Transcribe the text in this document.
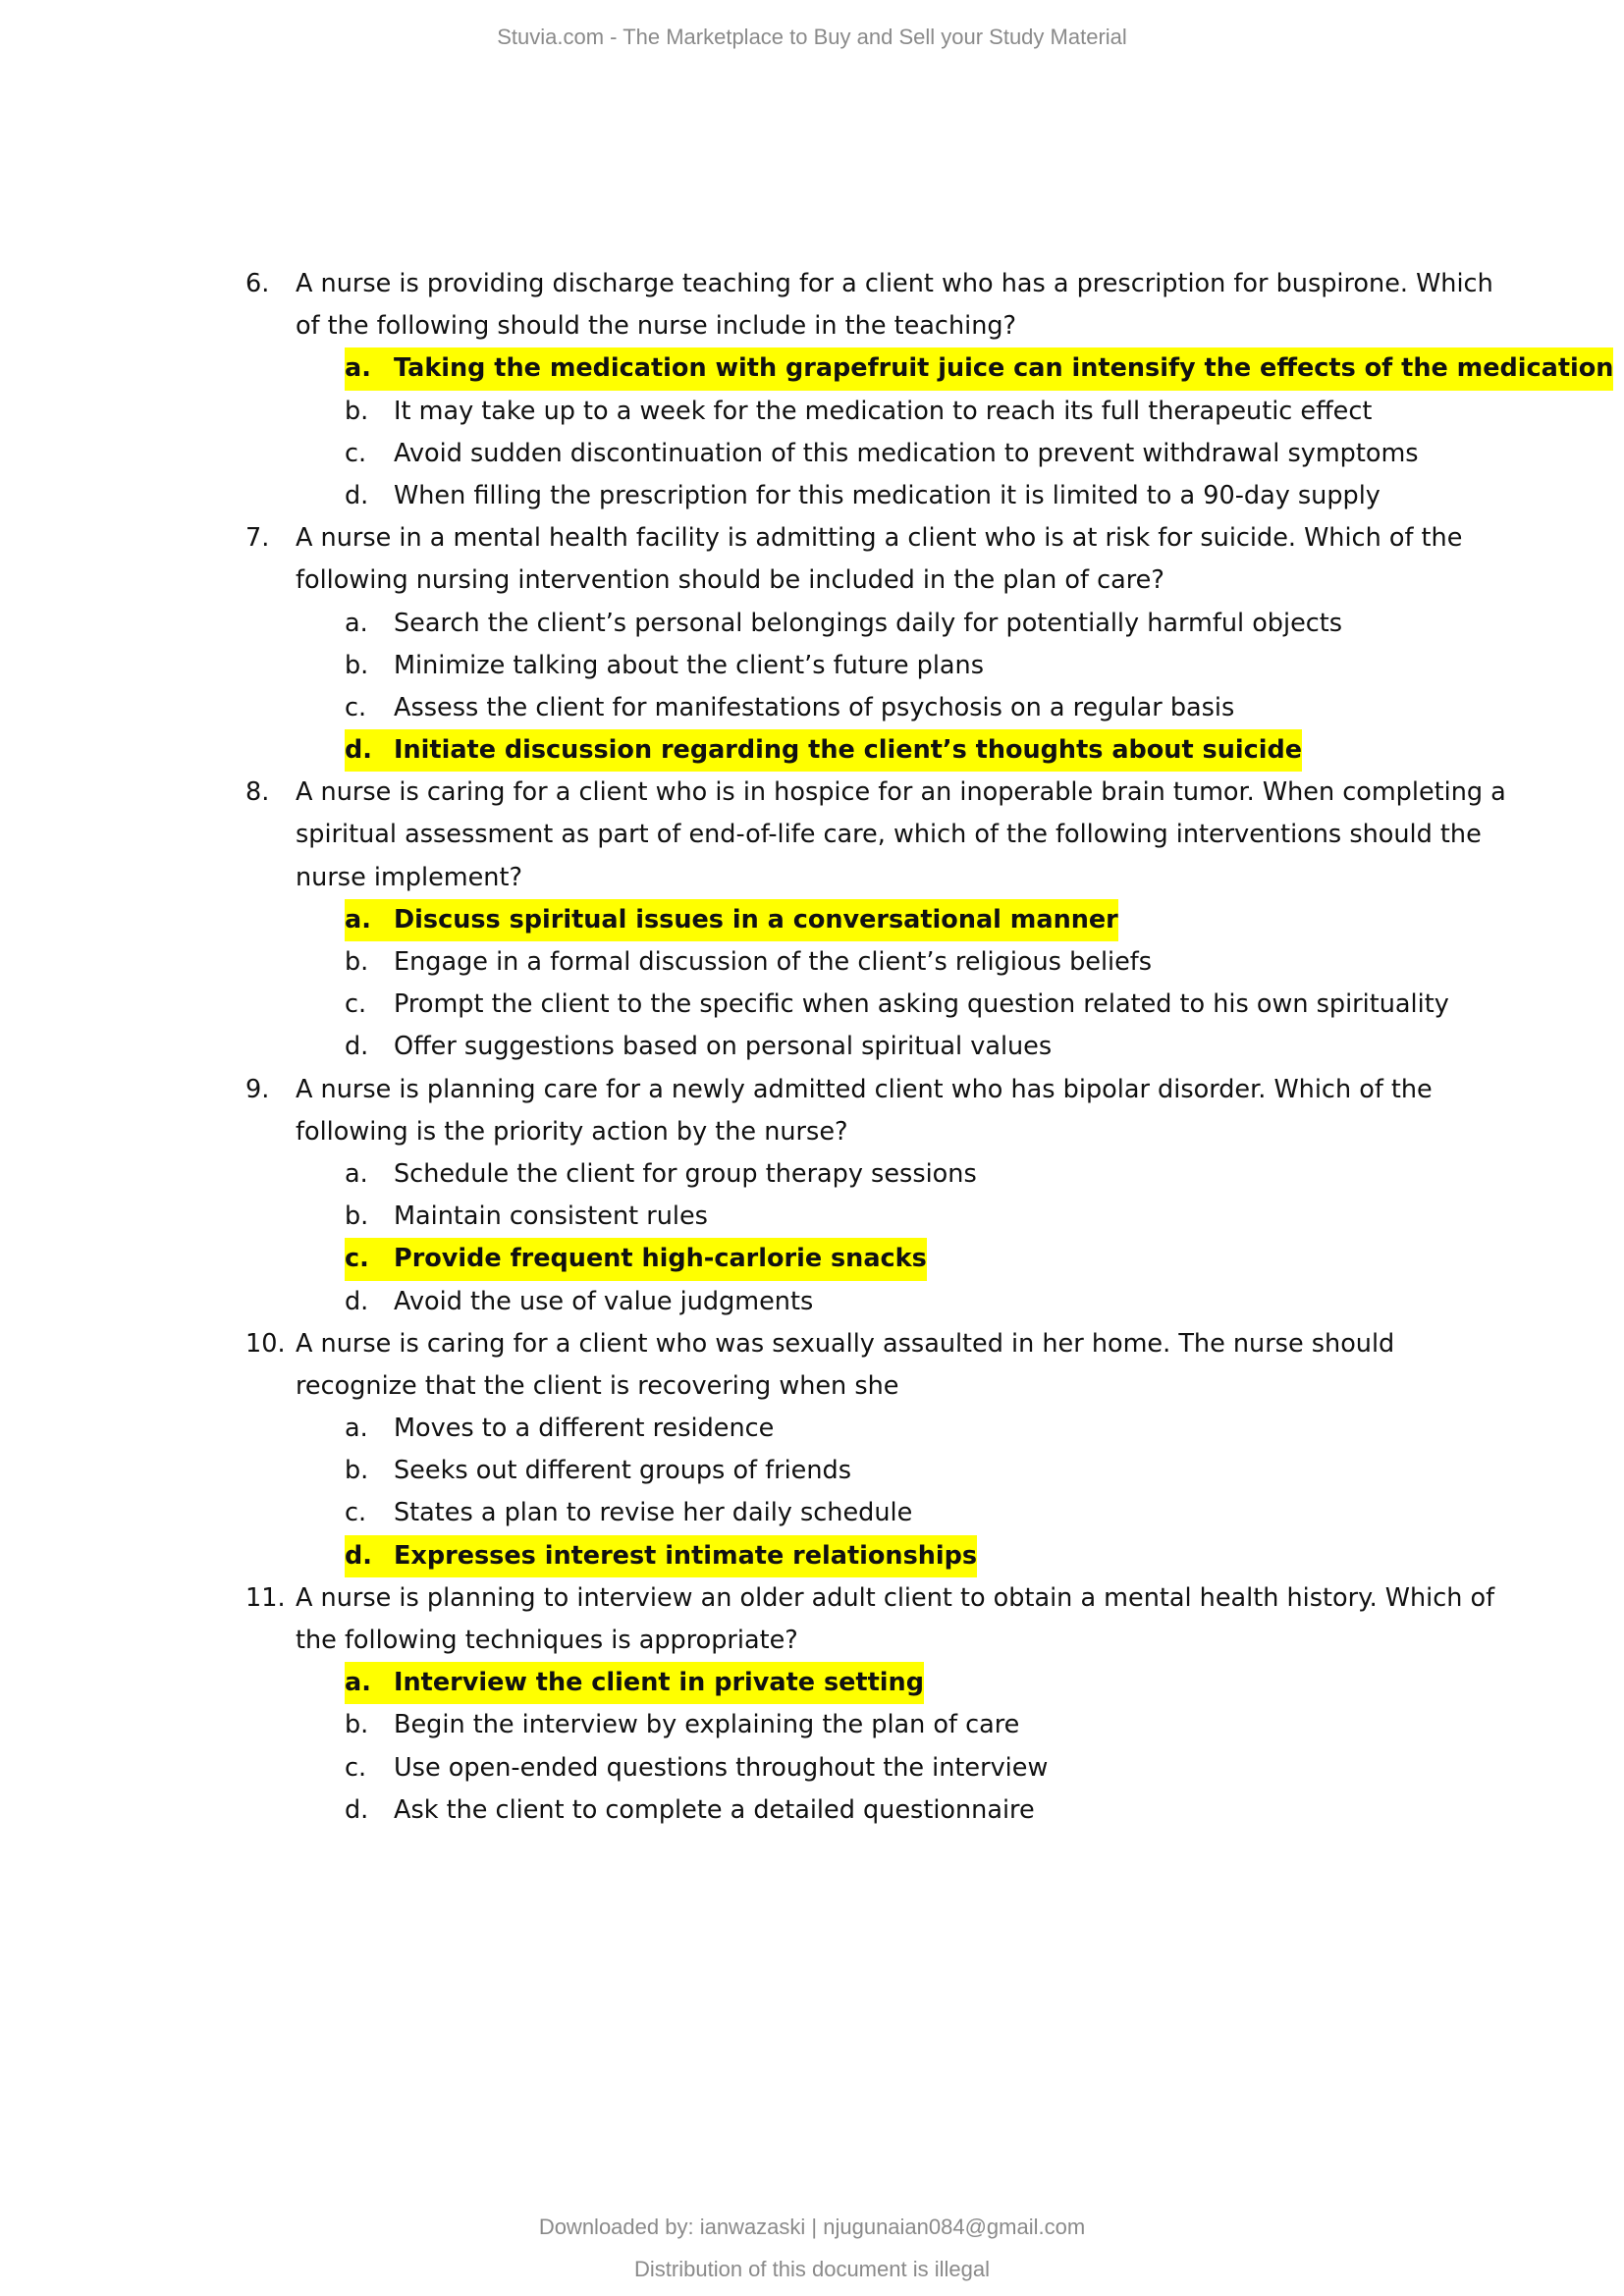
Stuvia.com - The Marketplace to Buy and Sell your Study Material
6. A nurse is providing discharge teaching for a client who has a prescription for buspirone. Which
of the following should the nurse include in the teaching?
a. Taking the medication with grapefruit juice can intensify the effects of the medication
b. It may take up to a week for the medication to reach its full therapeutic effect
c. Avoid sudden discontinuation of this medication to prevent withdrawal symptoms
d. When filling the prescription for this medication it is limited to a 90-day supply
7. A nurse in a mental health facility is admitting a client who is at risk for suicide. Which of the
following nursing intervention should be included in the plan of care?
a. Search the client’s personal belongings daily for potentially harmful objects
b. Minimize talking about the client’s future plans
c. Assess the client for manifestations of psychosis on a regular basis
d. Initiate discussion regarding the client’s thoughts about suicide
8. A nurse is caring for a client who is in hospice for an inoperable brain tumor. When completing a
spiritual assessment as part of end-of-life care, which of the following interventions should the
nurse implement?
a. Discuss spiritual issues in a conversational manner
b. Engage in a formal discussion of the client’s religious beliefs
c. Prompt the client to the specific when asking question related to his own spirituality
d. Offer suggestions based on personal spiritual values
9. A nurse is planning care for a newly admitted client who has bipolar disorder. Which of the
following is the priority action by the nurse?
a. Schedule the client for group therapy sessions
b. Maintain consistent rules
c. Provide frequent high-carlorie snacks
d. Avoid the use of value judgments
10. A nurse is caring for a client who was sexually assaulted in her home. The nurse should
recognize that the client is recovering when she
a. Moves to a different residence
b. Seeks out different groups of friends
c. States a plan to revise her daily schedule
d. Expresses interest intimate relationships
11. A nurse is planning to interview an older adult client to obtain a mental health history. Which of
the following techniques is appropriate?
a. Interview the client in private setting
b. Begin the interview by explaining the plan of care
c. Use open-ended questions throughout the interview
d. Ask the client to complete a detailed questionnaire
Downloaded by: ianwazaski | njugunaian084@gmail.com
Distribution of this document is illegal
